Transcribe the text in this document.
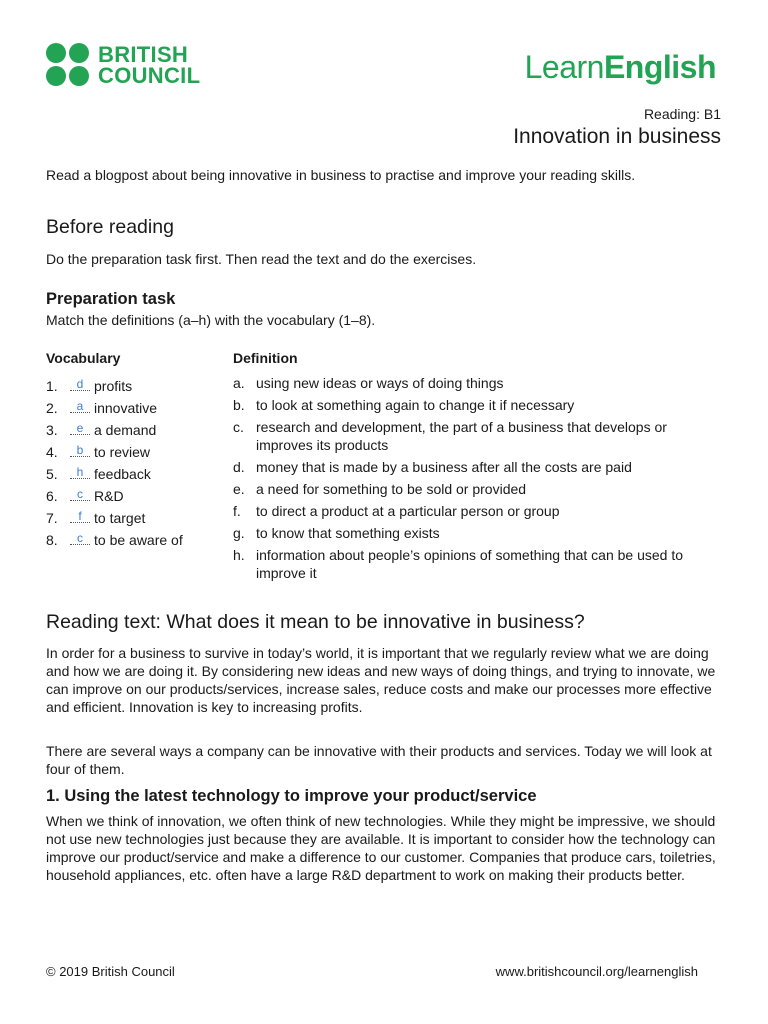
BRITISH
COUNCIL	LearnEnglish
Reading: B1
Innovation in business
Read a blogpost about being innovative in business to practise and improve your reading skills.
Before reading
Do the preparation task first. Then read the text and do the exercises.
Preparation task
Match the definitions (a–h) with the vocabulary (1–8).
Vocabulary	Definition
1.	d profits
2.	a innovative
3.	e a demand
4.	b to review
5.	h feedback
6.	c R&D
7.	f to target
8.	c to be aware of
a. using new ideas or ways of doing things
b. to look at something again to change it if necessary
c. research and development, the part of a business that develops or improves its products
d. money that is made by a business after all the costs are paid
e. a need for something to be sold or provided
f.	to direct a product at a particular person or group
g. to know that something exists
h. information about people’s opinions of something that can be used to improve it
Reading text: What does it mean to be innovative in business?
In order for a business to survive in today’s world, it is important that we regularly review what we are doing and how we are doing it. By considering new ideas and new ways of doing things, and trying to innovate, we can improve on our products/services, increase sales, reduce costs and make our processes more effective and efficient. Innovation is key to increasing profits.
There are several ways a company can be innovative with their products and services. Today we will look at four of them.
1. Using the latest technology to improve your product/service
When we think of innovation, we often think of new technologies. While they might be impressive, we should not use new technologies just because they are available. It is important to consider how the technology can improve our product/service and make a difference to our customer. Companies that produce cars, toiletries, household appliances, etc. often have a large R&D department to work on making their products better.
© 2019 British Council	www.britishcouncil.org/learnenglish
